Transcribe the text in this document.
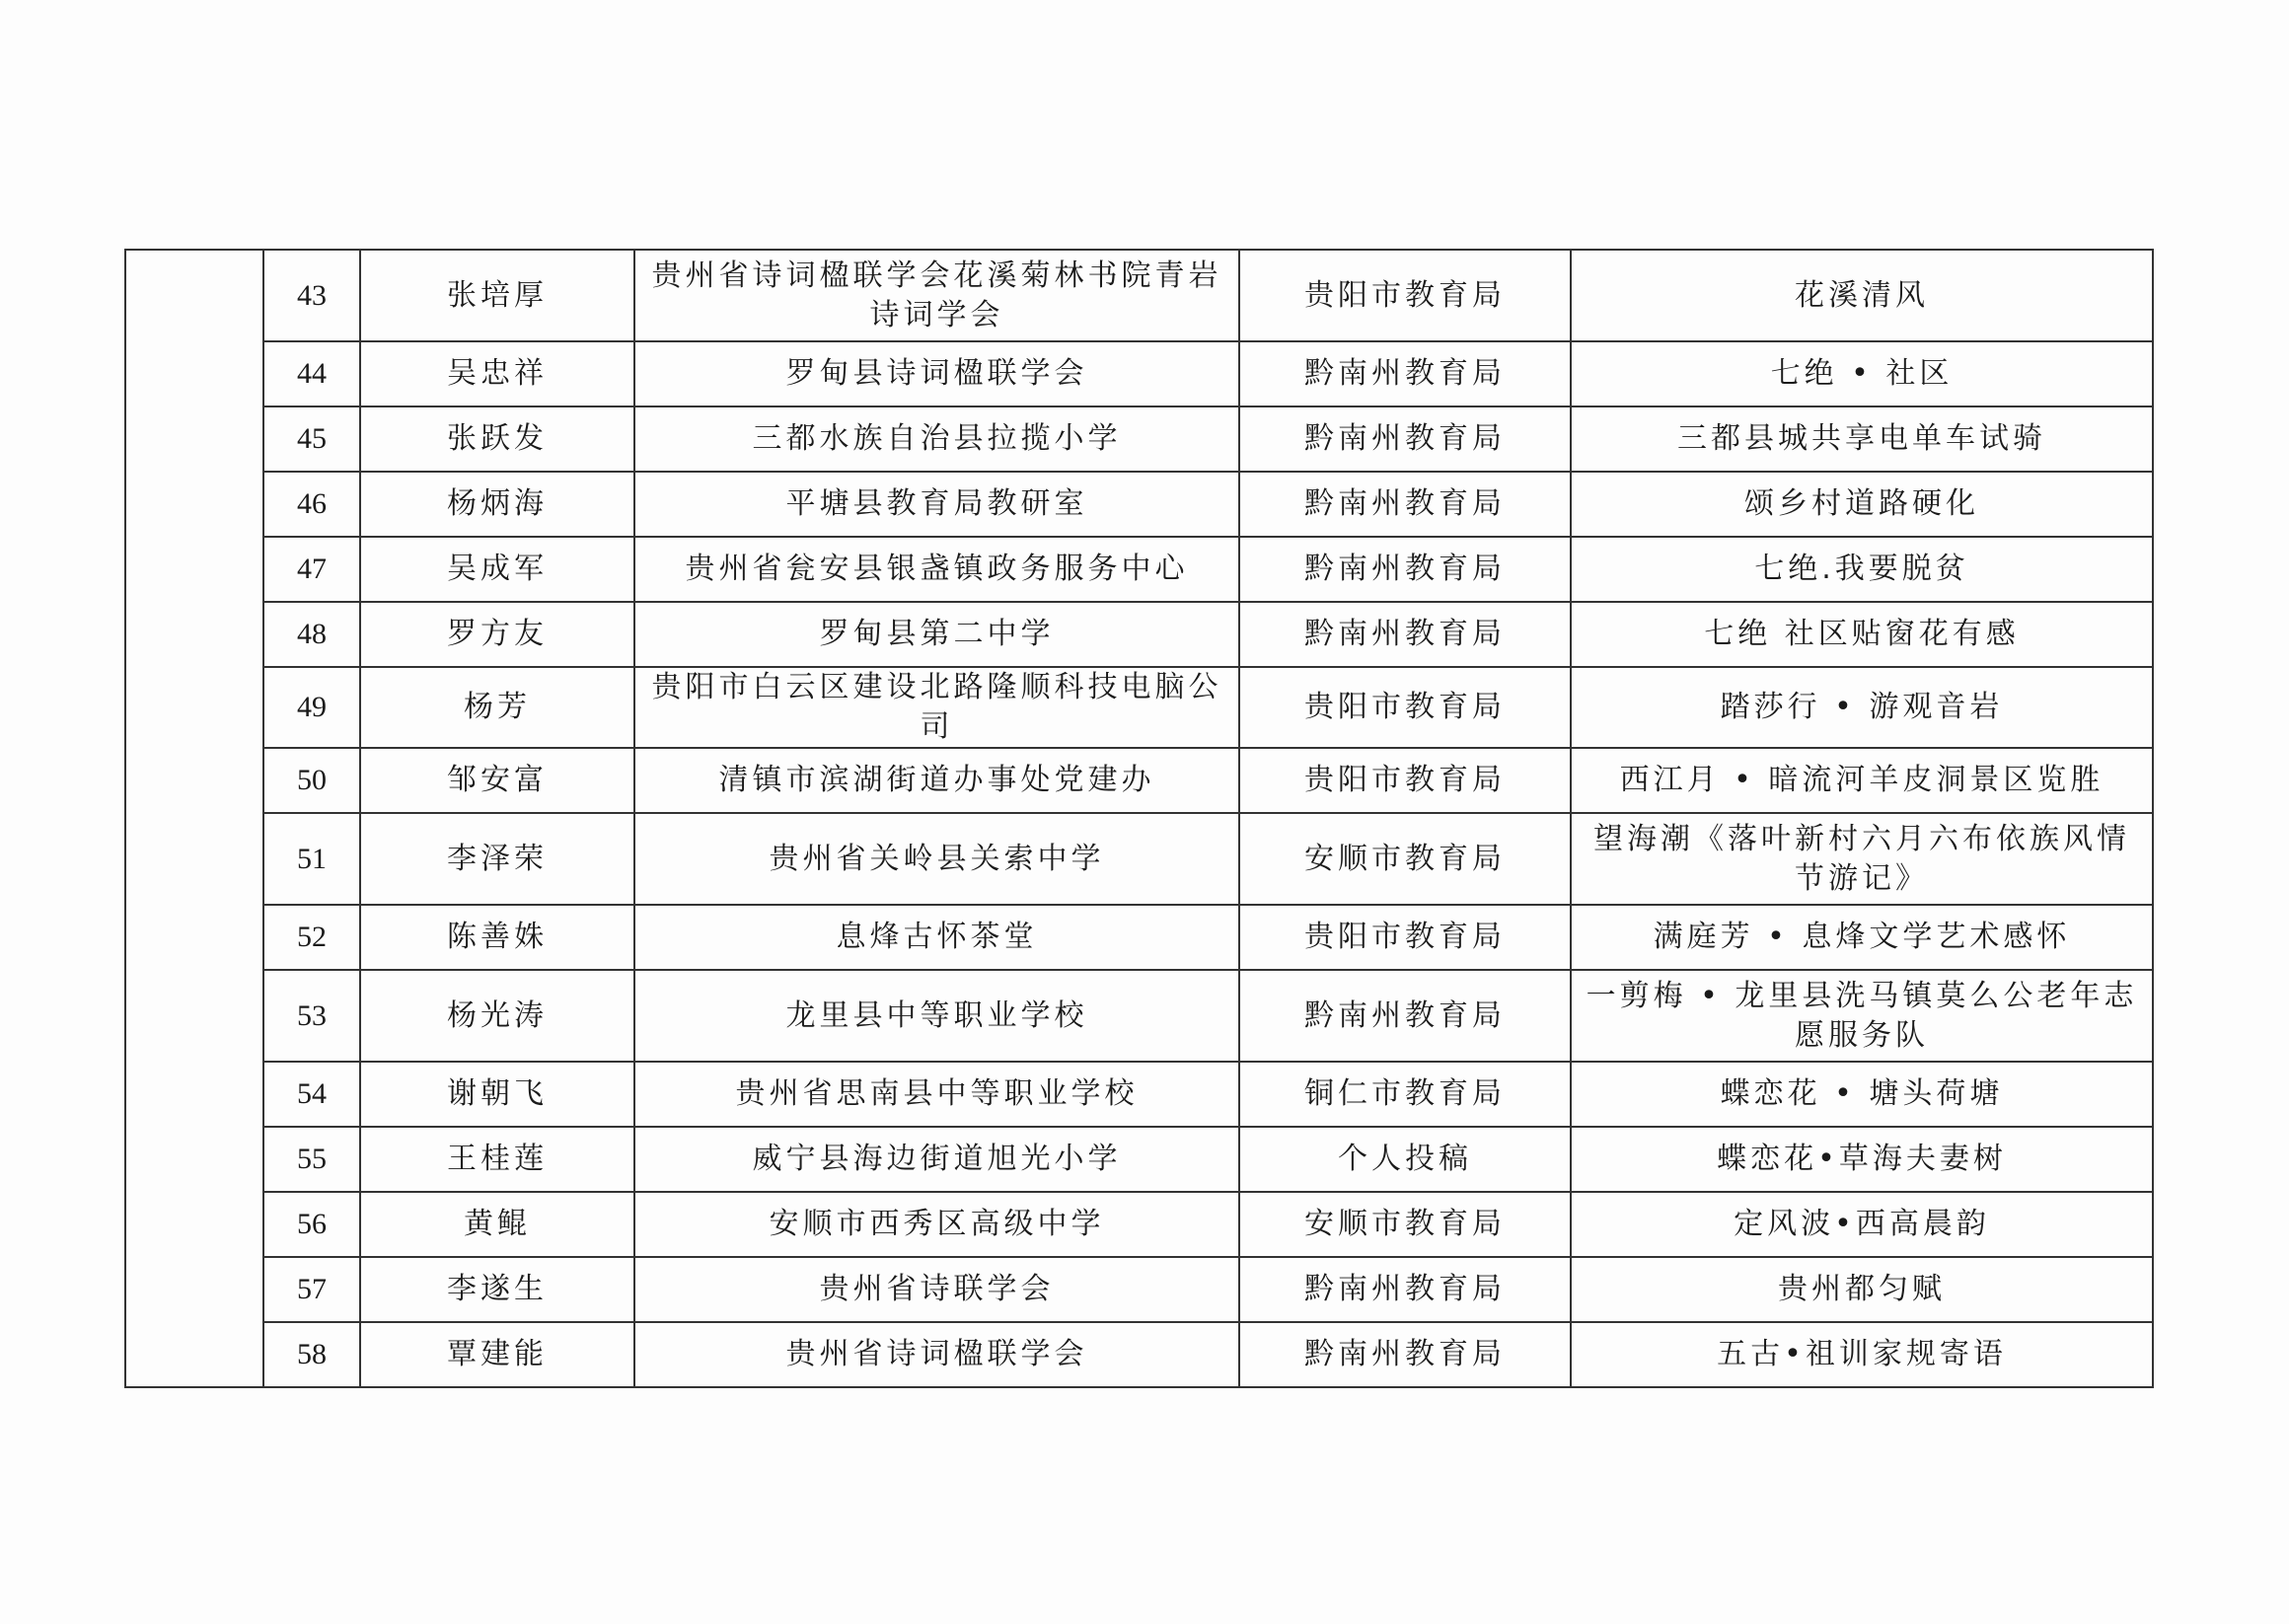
	43	张培厚	贵州省诗词楹联学会花溪菊林书院青岩诗词学会	贵阳市教育局	花溪清风
	44	吴忠祥	罗甸县诗词楹联学会	黔南州教育局	七绝 • 社区
	45	张跃发	三都水族自治县拉揽小学	黔南州教育局	三都县城共享电单车试骑
	46	杨炳海	平塘县教育局教研室	黔南州教育局	颂乡村道路硬化
	47	吴成军	贵州省瓮安县银盏镇政务服务中心	黔南州教育局	七绝.我要脱贫
	48	罗方友	罗甸县第二中学	黔南州教育局	七绝 社区贴窗花有感
	49	杨芳	贵阳市白云区建设北路隆顺科技电脑公司	贵阳市教育局	踏莎行 • 游观音岩
	50	邹安富	清镇市滨湖街道办事处党建办	贵阳市教育局	西江月 • 暗流河羊皮洞景区览胜
	51	李泽荣	贵州省关岭县关索中学	安顺市教育局	望海潮《落叶新村六月六布依族风情节游记》
	52	陈善姝	息烽古怀茶堂	贵阳市教育局	满庭芳 • 息烽文学艺术感怀
	53	杨光涛	龙里县中等职业学校	黔南州教育局	一剪梅 • 龙里县洗马镇莫么公老年志愿服务队
	54	谢朝飞	贵州省思南县中等职业学校	铜仁市教育局	蝶恋花 • 塘头荷塘
	55	王桂莲	威宁县海边街道旭光小学	个人投稿	蝶恋花•草海夫妻树
	56	黄鲲	安顺市西秀区高级中学	安顺市教育局	定风波•西高晨韵
	57	李遂生	贵州省诗联学会	黔南州教育局	贵州都匀赋
	58	覃建能	贵州省诗词楹联学会	黔南州教育局	五古•祖训家规寄语
